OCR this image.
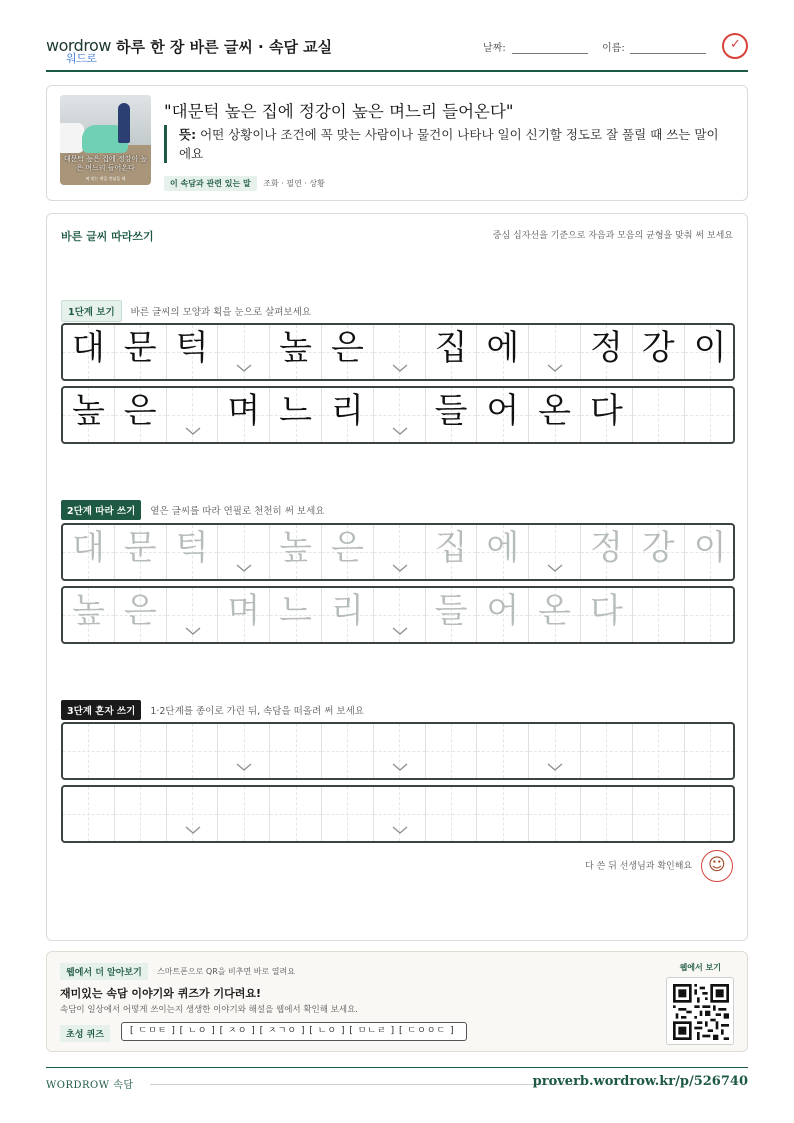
wordrow
워드로
하루 한 장 바른 글씨 · 속담 교실	날짜:	이름:
✓
대문턱 높은 집에 정강이 높은 며느리 들어온다
딱 맞는 짝을 만났을 때
"대문턱 높은 집에 정강이 높은 며느리 들어온다"
뜻: 어떤 상황이나 조건에 꼭 맞는 사람이나 물건이 나타나 일이 신기할 정도로 잘 풀릴 때 쓰는 말이에요
이 속담과 관련 있는 말 조화 · 필연 · 상황
바른 글씨 따라쓰기	중심 십자선을 기준으로 자음과 모음의 균형을 맞춰 써 보세요
1단계 보기 바른 글씨의 모양과 획을 눈으로 살펴보세요
대 문 턱 높 은 집 에 정 강 이
높 은 며 느 리 들 어 온 다
2단계 따라 쓰기 옅은 글씨를 따라 연필로 천천히 써 보세요
대 문 턱 높 은 집 에 정 강 이
높 은 며 느 리 들 어 온 다
3단계 혼자 쓰기 1·2단계를 종이로 가린 뒤, 속담을 떠올려 써 보세요
다 쓴 뒤 선생님과 확인해요 ☺
웹에서 더 알아보기	스마트폰으로 QR을 비추면 바로 열려요
재미있는 속담 이야기와 퀴즈가 기다려요!
속담이 일상에서 어떻게 쓰이는지 생생한 이야기와 해설을 웹에서 확인해 보세요.
초성 퀴즈	[ ㄷㅁㅌ ] [ ㄴㅇ ] [ ㅈㅇ ] [ ㅈㄱㅇ ] [ ㄴㅇ ] [ ㅁㄴㄹ ] [ ㄷㅇㅇㄷ ]
웹에서 보기
WORDROW 속담	proverb.wordrow.kr/p/526740
